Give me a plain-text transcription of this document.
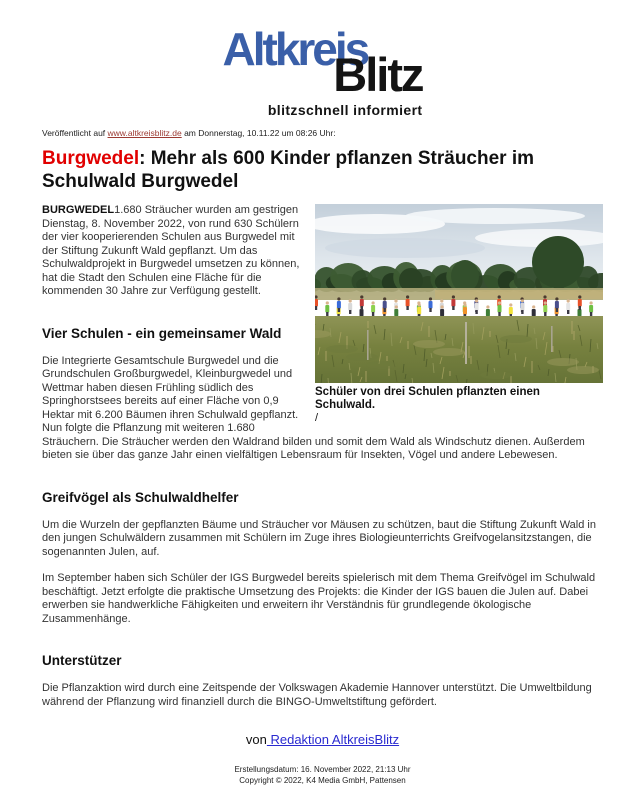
Altkreis
Blitz
blitzschnell informiert
Veröffentlicht auf www.altkreisblitz.de am Donnerstag, 10.11.22 um 08:26 Uhr:
Burgwedel: Mehr als 600 Kinder pflanzen Sträucher im Schulwald Burgwedel
Schüler von drei Schulen pflanzten einen Schulwald.
/

BURGWEDEL1.680 Sträucher wurden am gestrigen Dienstag, 8. November 2022, von rund 630 Schülern der vier kooperierenden Schulen aus Burgwedel mit der Stiftung Zukunft Wald gepflanzt. Um das Schulwaldprojekt in Burgwedel umsetzen zu können, hat die Stadt den Schulen eine Fläche für die kommenden 30 Jahre zur Verfügung gestellt.

Vier Schulen - ein gemeinsamer Wald

Die Integrierte Gesamtschule Burgwedel und die Grundschulen Großburgwedel, Kleinburgwedel und Wettmar haben diesen Frühling südlich des Springhorstsees bereits auf einer Fläche von 0,9 Hektar mit 6.200 Bäumen ihren Schulwald gepflanzt. Nun folgte die Pflanzung mit weiteren 1.680 Sträuchern. Die Sträucher werden den Waldrand bilden und somit dem Wald als Windschutz dienen. Außerdem bieten sie über das ganze Jahr einen vielfältigen Lebensraum für Insekten, Vögel und andere Lebewesen.

Greifvögel als Schulwaldhelfer

Um die Wurzeln der gepflanzten Bäume und Sträucher vor Mäusen zu schützen, baut die Stiftung Zukunft Wald in den jungen Schulwäldern zusammen mit Schülern im Zuge ihres Biologieunterrichts Greifvogelansitzstangen, die sogenannten Julen, auf.

Im September haben sich Schüler der IGS Burgwedel bereits spielerisch mit dem Thema Greifvögel im Schulwald beschäftigt. Jetzt erfolgte die praktische Umsetzung des Projekts: die Kinder der IGS bauen die Julen auf. Dabei erwerben sie handwerkliche Fähigkeiten und erweitern ihr Verständnis für grundlegende ökologische Zusammenhänge.

Unterstützer

Die Pflanzaktion wird durch eine Zeitspende der Volkswagen Akademie Hannover unterstützt. Die Umweltbildung während der Pflanzung wird finanziell durch die BINGO-Umweltstiftung gefördert.

von Redaktion AltkreisBlitz
Erstellungsdatum: 16. November 2022, 21:13 Uhr
Copyright © 2022, K4 Media GmbH, Pattensen
